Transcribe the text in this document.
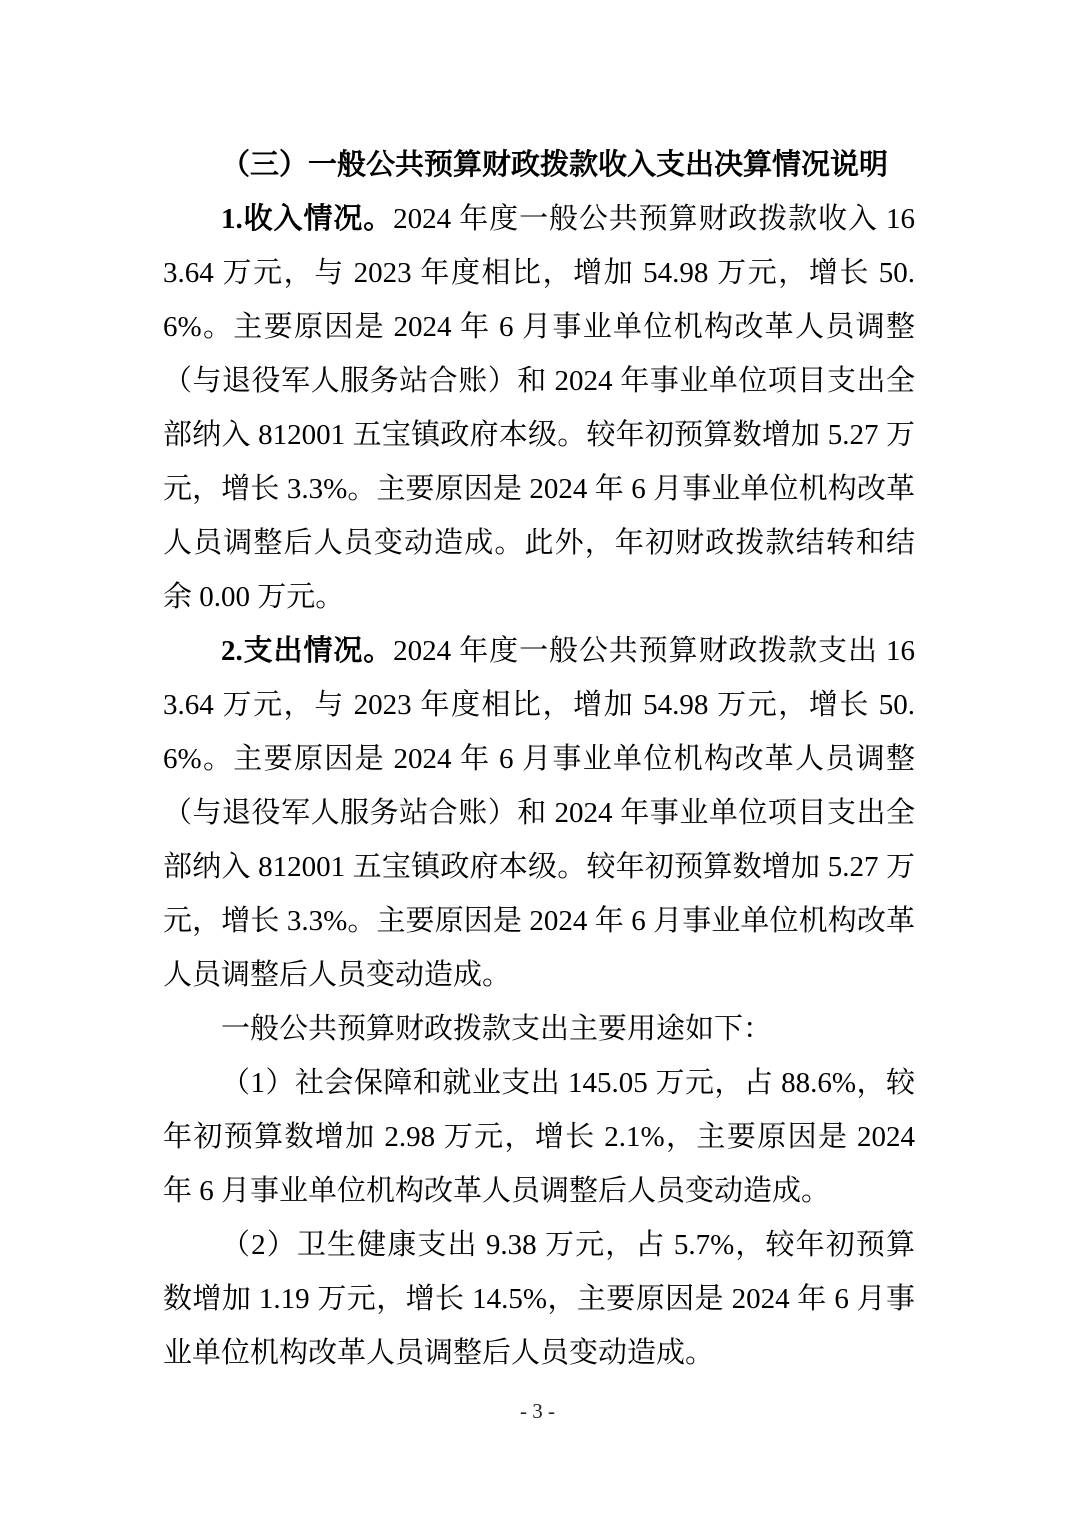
（三）一般公共预算财政拨款收入支出决算情况说明

1.收入情况。2024 年度一般公共预算财政拨款收入 163.64 万元，与 2023 年度相比，增加 54.98 万元，增长 50.6%。主要原因是 2024 年 6 月事业单位机构改革人员调整（与退役军人服务站合账）和 2024 年事业单位项目支出全部纳入 812001 五宝镇政府本级。较年初预算数增加 5.27 万元，增长 3.3%。主要原因是 2024 年 6 月事业单位机构改革人员调整后人员变动造成。此外，年初财政拨款结转和结余 0.00 万元。

2.支出情况。2024 年度一般公共预算财政拨款支出 163.64 万元，与 2023 年度相比，增加 54.98 万元，增长 50.6%。主要原因是 2024 年 6 月事业单位机构改革人员调整（与退役军人服务站合账）和 2024 年事业单位项目支出全部纳入 812001 五宝镇政府本级。较年初预算数增加 5.27 万元，增长 3.3%。主要原因是 2024 年 6 月事业单位机构改革人员调整后人员变动造成。

一般公共预算财政拨款支出主要用途如下：

（1）社会保障和就业支出 145.05 万元，占 88.6%，较年初预算数增加 2.98 万元，增长 2.1%，主要原因是 2024 年 6 月事业单位机构改革人员调整后人员变动造成。

（2）卫生健康支出 9.38 万元，占 5.7%，较年初预算数增加 1.19 万元，增长 14.5%，主要原因是 2024 年 6 月事业单位机构改革人员调整后人员变动造成。

- 3 -
